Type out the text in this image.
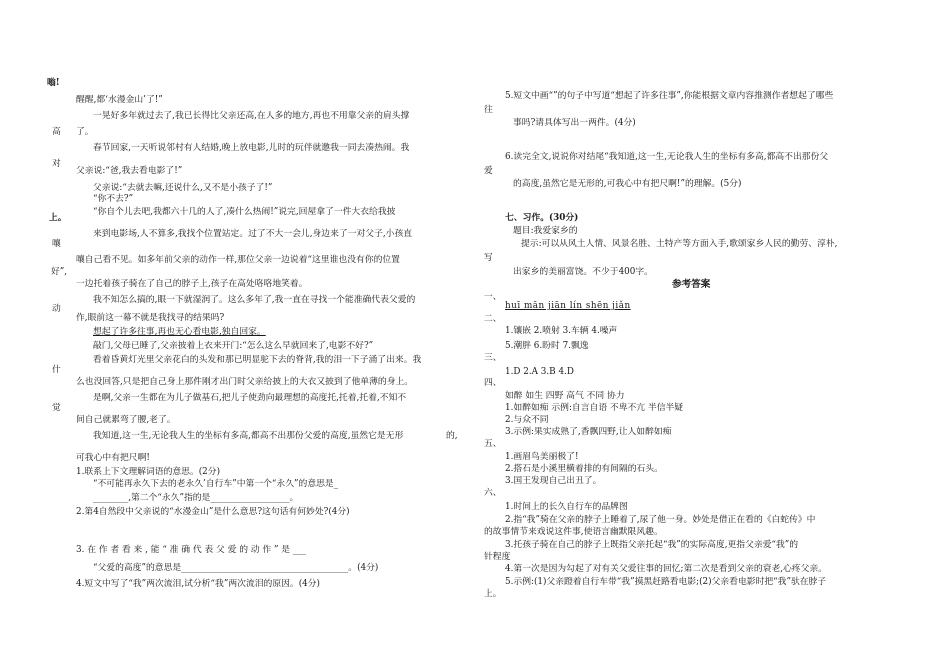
嗡!
醒醒,都‘水漫金山’了!”
一晃好多年就过去了,我已长得比父亲还高,在人多的地方,再也不用靠父亲的肩头撑
高 了。
春节回家,一天听说邻村有人结婚,晚上放电影,儿时的玩伴就邀我一同去凑热闹。我
对
父亲说:“爸,我去看电影了!”
父亲说:“去就去嘛,还说什么,又不是小孩子了!”
“你不去?”
“你自个儿去吧,我都六十几的人了,凑什么热闹!”说完,回屋拿了一件大衣给我披
上。
来到电影场,人不算多,我找个位置站定。过了不大一会儿,身边来了一对父子,小孩直
嚷
嚷自己看不见。如多年前父亲的动作一样,那位父亲一边说着“这里谁也没有你的位置
好”,
一边托着孩子骑在了自己的脖子上,孩子在高处咯咯地笑着。
我不知怎么搞的,眼一下就湿润了。这么多年了,我一直在寻找一个能准确代表父爱的
动
作,眼前这一幕不就是我找寻的结果吗?
想起了许多往事,再也无心看电影,独自回家。
敲门,父母已睡了,父亲披着上衣来开门:“怎么这么早就回来了,电影不好?”
看着昏黄灯光里父亲花白的头发和那已明显驼下去的脊背,我的泪一下子涌了出来。我
什
么也没回答,只是把自己身上那件刚才出门时父亲给披上的大衣又披到了他单薄的身上。
是啊,父亲一生都在为儿子做基石,把儿子使劲向最理想的高度托,托着,托着,不知不
觉
间自己就累弯了腰,老了。
我知道,这一生,无论我人生的坐标有多高,都高不出那份父爱的高度,虽然它是无形	的,
可我心中有把尺啊!
1.联系上下文理解词语的意思。(2分)
“不可能再永久下去的老永久’自行车”中第一个“永久”的意思是_
________,第二个“永久”指的是__________________。
2.第4自然段中父亲说的“水漫金山”是什么意思?这句话有何妙处?(4分)
3. 在 作 者 看 来 , 能 “ 准 确 代 表 父 爱 的 动 作 ” 是 ___
“父爱的高度”的意思是______________________________________。(4分)
4.短文中写了“我”两次流泪,试分析“我”两次流泪的原因。(4分)
5.短文中画“”的句子中写道“想起了许多往事”,你能根据文章内容推测作者想起了哪些
往
事吗?请具体写出一两件。(4分)
6.读完全文,说说你对结尾“我知道,这一生,无论我人生的坐标有多高,都高不出那份父
爱
的高度,虽然它是无形的,可我心中有把尺啊!”的理解。(5分)
七、习作。(30分)
题目:我爱家乡的
提示:可以从风土人情、风景名胜、土特产等方面入手,歌颂家乡人民的勤劳、淳朴,
写
出家乡的美丽富饶。不少于400字。
参考答案
一、
huī mān jiān lín shēn jiǎn
二、
1.镶嵌 2.喷射 3.车辆 4.噪声
5.潮胖 6.盼时 7.飘逸
三、
1.D 2.A 3.B 4.D
四、
如醉 如生 四野 高气 不同 协力
1.如醉如痴 示例:自言自语 不卑不亢 半信半疑
2.与众不同
3.示例:果实成熟了,香飘四野,让人如醉如痴
五、
1.画眉鸟美丽极了!
2.搭石是小溪里横着排的有间隔的石头。
3.国王发现自己出丑了。
六、
1.时间上的长久自行车的品牌图
2.指“我”骑在父亲的脖子上睡着了,尿了他一身。妙处是借正在看的《白蛇传》中
的故事情节来戏说这件事,使语言幽默限风趣。
3.托孩子骑在自己的脖子上既指父亲托起“我”的实际高度,更指父亲爱“我”的
针程度
4.第一次是因为勾起了对有关父爱往事的回忆;第二次是看到父亲的衰老,心疼父亲。
5.示例:(1)父亲蹬着自行车带“我”摸黑赶路看电影;(2)父亲看电影时把“我”驮在脖子
上。
